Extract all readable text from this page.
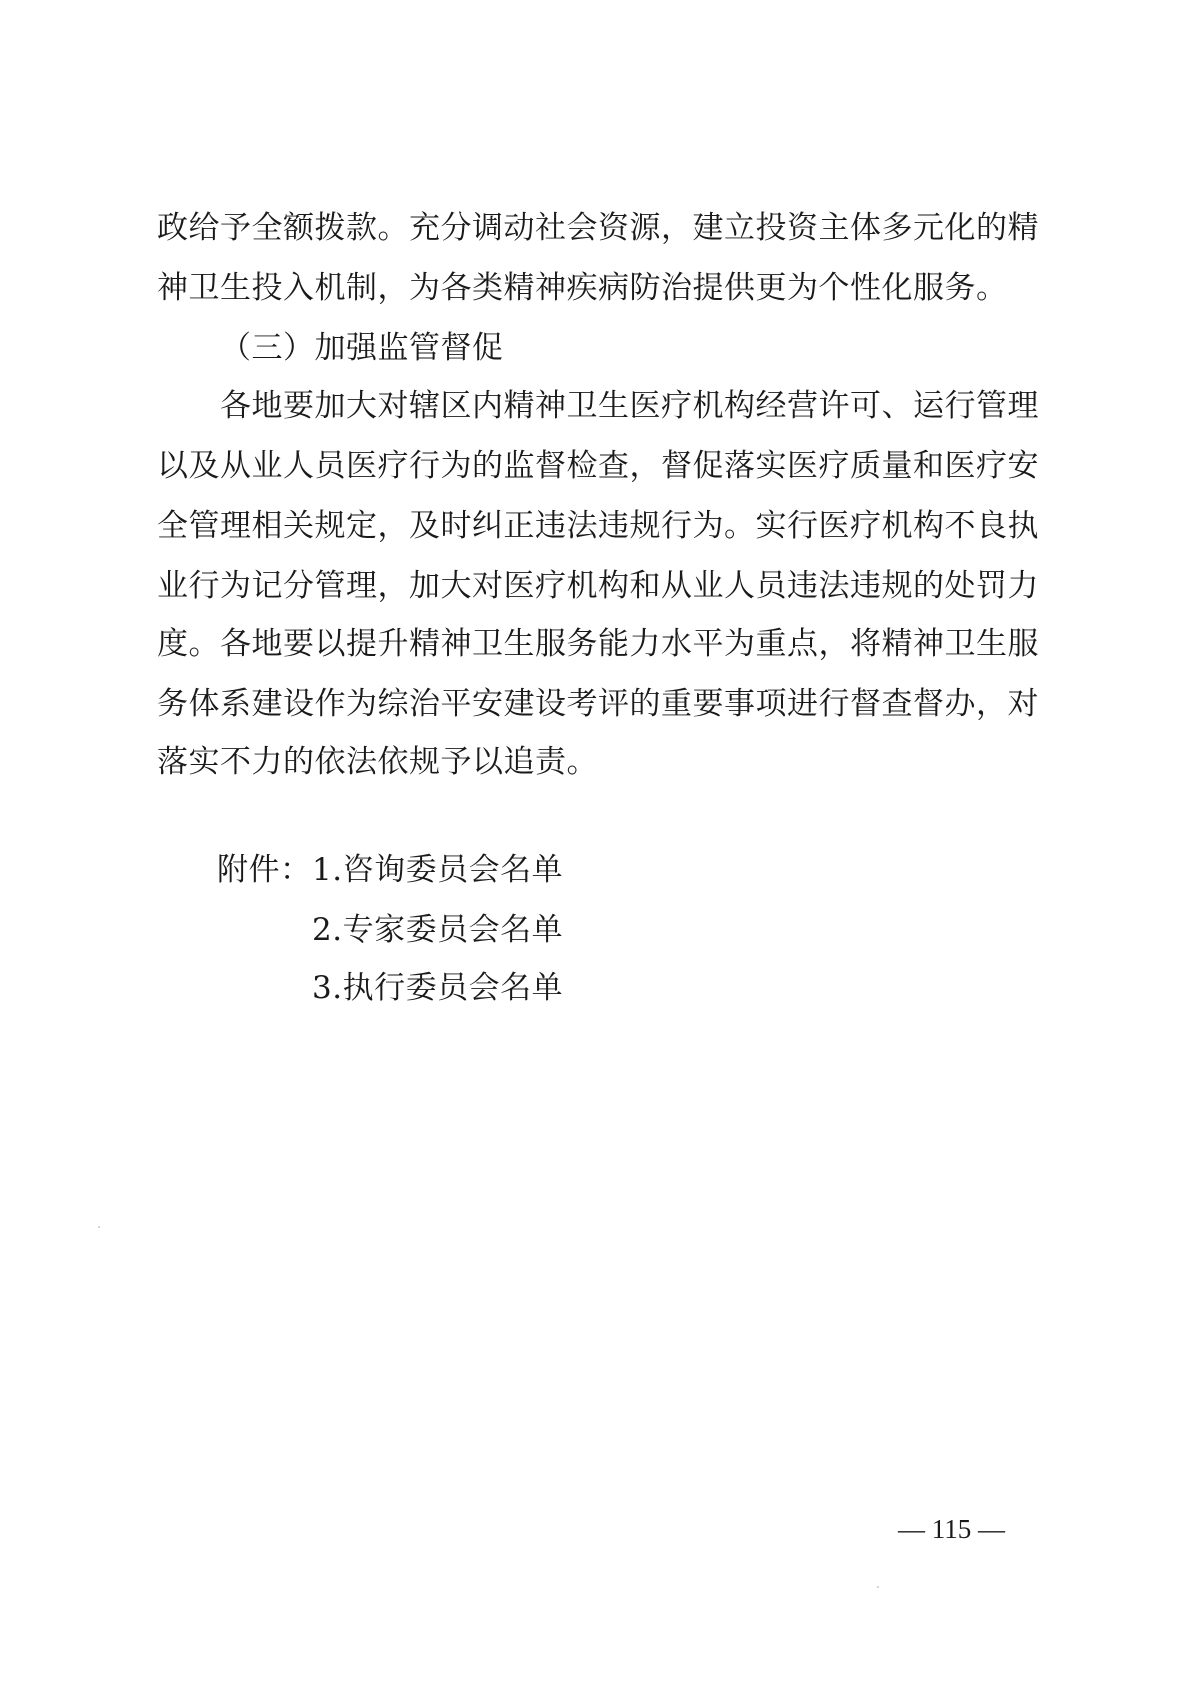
政给予全额拨款。充分调动社会资源，建立投资主体多元化的精
神卫生投入机制，为各类精神疾病防治提供更为个性化服务。
（三）加强监管督促
各地要加大对辖区内精神卫生医疗机构经营许可、运行管理
以及从业人员医疗行为的监督检查，督促落实医疗质量和医疗安
全管理相关规定，及时纠正违法违规行为。实行医疗机构不良执
业行为记分管理，加大对医疗机构和从业人员违法违规的处罚力
度。各地要以提升精神卫生服务能力水平为重点，将精神卫生服
务体系建设作为综治平安建设考评的重要事项进行督查督办，对
落实不力的依法依规予以追责。
附件： 1.咨询委员会名单
2.专家委员会名单
3.执行委员会名单
— 115 —
